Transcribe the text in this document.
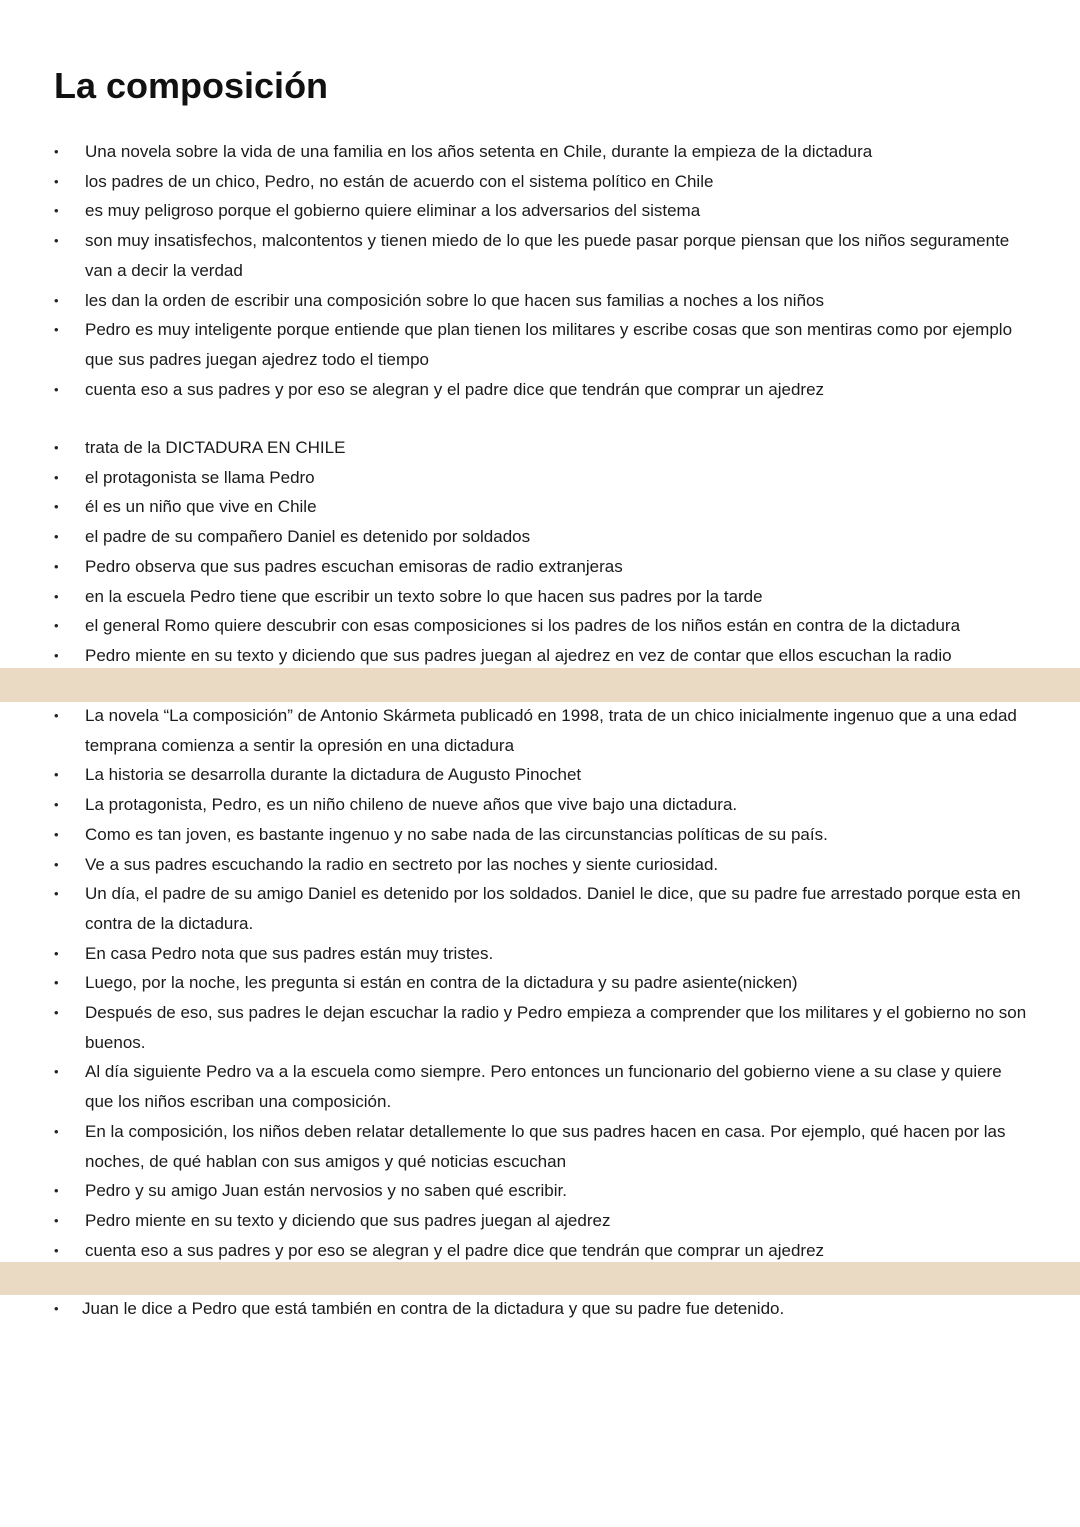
La composición
• Una novela sobre la vida de una familia en los años setenta en Chile, durante la empieza de la dictadura
• los padres de un chico, Pedro, no están de acuerdo con el sistema político en Chile
• es muy peligroso porque el gobierno quiere eliminar a los adversarios del sistema
• son muy insatisfechos, malcontentos y tienen miedo de lo que les puede pasar porque piensan que los niños seguramente van a decir la verdad
• les dan la orden de escribir una composición sobre lo que hacen sus familias a noches a los niños
• Pedro es muy inteligente porque entiende que plan tienen los militares y escribe cosas que son mentiras como por ejemplo que sus padres juegan ajedrez todo el tiempo
• cuenta eso a sus padres y por eso se alegran y el padre dice que tendrán que comprar un ajedrez
• trata de la DICTADURA EN CHILE
• el protagonista se llama Pedro
• él es un niño que vive en Chile
• el padre de su compañero Daniel es detenido por soldados
• Pedro observa que sus padres escuchan emisoras de radio extranjeras
• en la escuela Pedro tiene que escribir un texto sobre lo que hacen sus padres por la tarde
• el general Romo quiere descubrir con esas composiciones si los padres de los niños están en contra de la dictadura
• Pedro miente en su texto y diciendo que sus padres juegan al ajedrez en vez de contar que ellos escuchan la radio
• La novela “La composición” de Antonio Skármeta publicadó en 1998, trata de un chico inicialmente ingenuo que a una edad temprana comienza a sentir la opresión en una dictadura
• La historia se desarrolla durante la dictadura de Augusto Pinochet
• La protagonista, Pedro, es un niño chileno de nueve años que vive bajo una dictadura.
• Como es tan joven, es bastante ingenuo y no sabe nada de las circunstancias políticas de su país.
• Ve a sus padres escuchando la radio en sectreto por las noches y siente curiosidad.
• Un día, el padre de su amigo Daniel es detenido por los soldados. Daniel le dice, que su padre fue arrestado porque esta en contra de la dictadura.
• En casa Pedro nota que sus padres están muy tristes.
• Luego, por la noche, les pregunta si están en contra de la dictadura y su padre asiente(nicken)
• Después de eso, sus padres le dejan escuchar la radio y Pedro empieza a comprender que los militares y el gobierno no son buenos.
• Al día siguiente Pedro va a la escuela como siempre. Pero entonces un funcionario del gobierno viene a su clase y quiere que los niños escriban una composición.
• En la composición, los niños deben relatar detallemente lo que sus padres hacen en casa. Por ejemplo, qué hacen por las noches, de qué hablan con sus amigos y qué noticias escuchan
• Pedro y su amigo Juan están nervosios y no saben qué escribir.
• Pedro miente en su texto y diciendo que sus padres juegan al ajedrez
• cuenta eso a sus padres y por eso se alegran y el padre dice que tendrán que comprar un ajedrez
• Juan le dice a Pedro que está también en contra de la dictadura y que su padre fue detenido.
